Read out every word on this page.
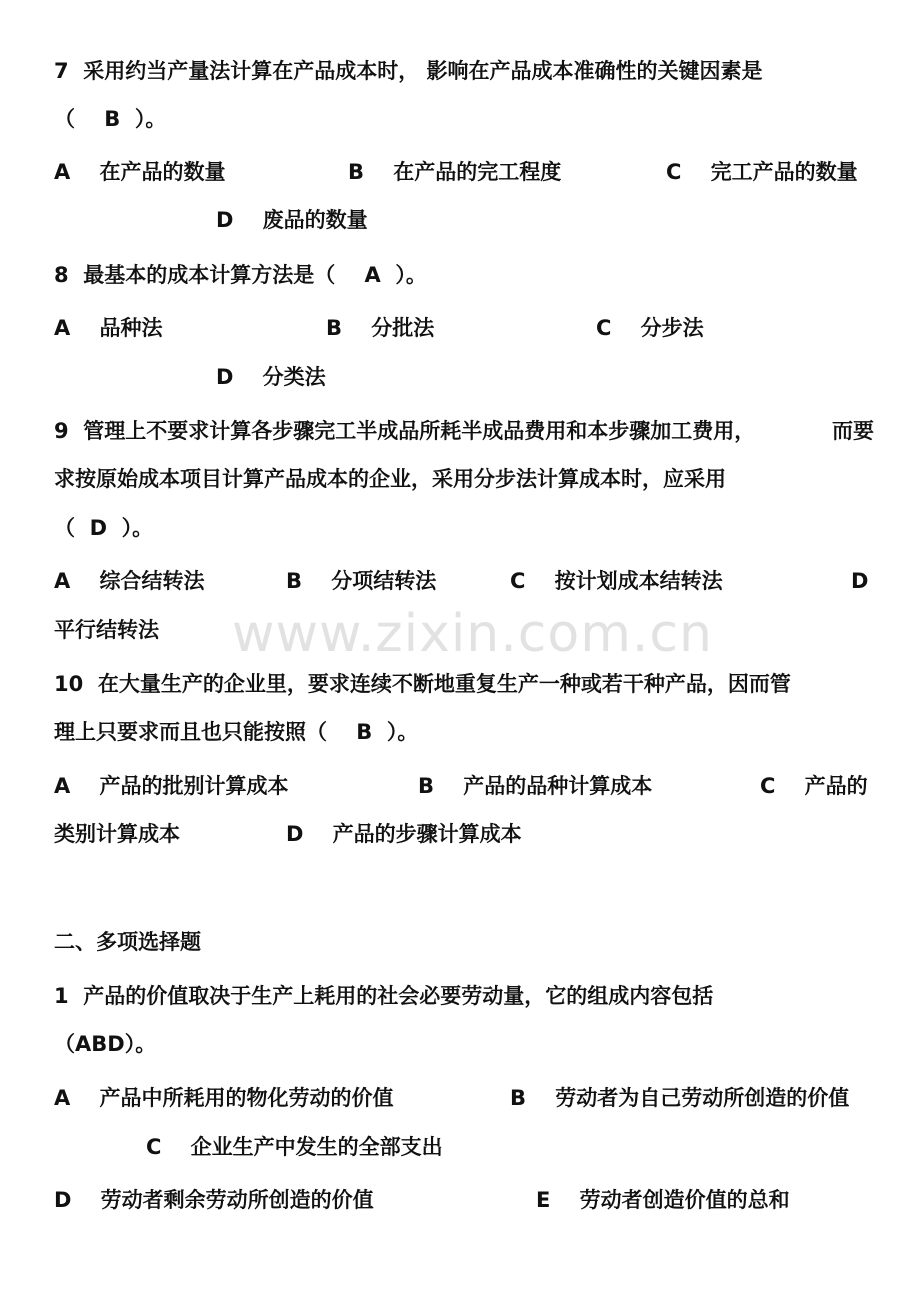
www.zixin.com.cn
7  采用约当产量法计算在产品成本时， 影响在产品成本准确性的关键因素是
（    B  ）。
A    在产品的数量	B    在产品的完工程度	C    完工产品的数量
D    废品的数量
8  最基本的成本计算方法是（    A  ）。
A    品种法	B    分批法	C    分步法
D    分类法
9  管理上不要求计算各步骤完工半成品所耗半成品费用和本步骤加工费用，	而要
求按原始成本项目计算产品成本的企业，采用分步法计算成本时，应采用
（  D  ）。
A    综合结转法	B    分项结转法	C    按计划成本结转法	D
平行结转法
10  在大量生产的企业里，要求连续不断地重复生产一种或若干种产品，因而管
理上只要求而且也只能按照（    B  ）。
A    产品的批别计算成本	B    产品的品种计算成本	C    产品的
类别计算成本	D    产品的步骤计算成本
二、多项选择题
1  产品的价值取决于生产上耗用的社会必要劳动量，它的组成内容包括
（ABD）。
A    产品中所耗用的物化劳动的价值	B    劳动者为自己劳动所创造的价值
C    企业生产中发生的全部支出
D    劳动者剩余劳动所创造的价值	E    劳动者创造价值的总和
